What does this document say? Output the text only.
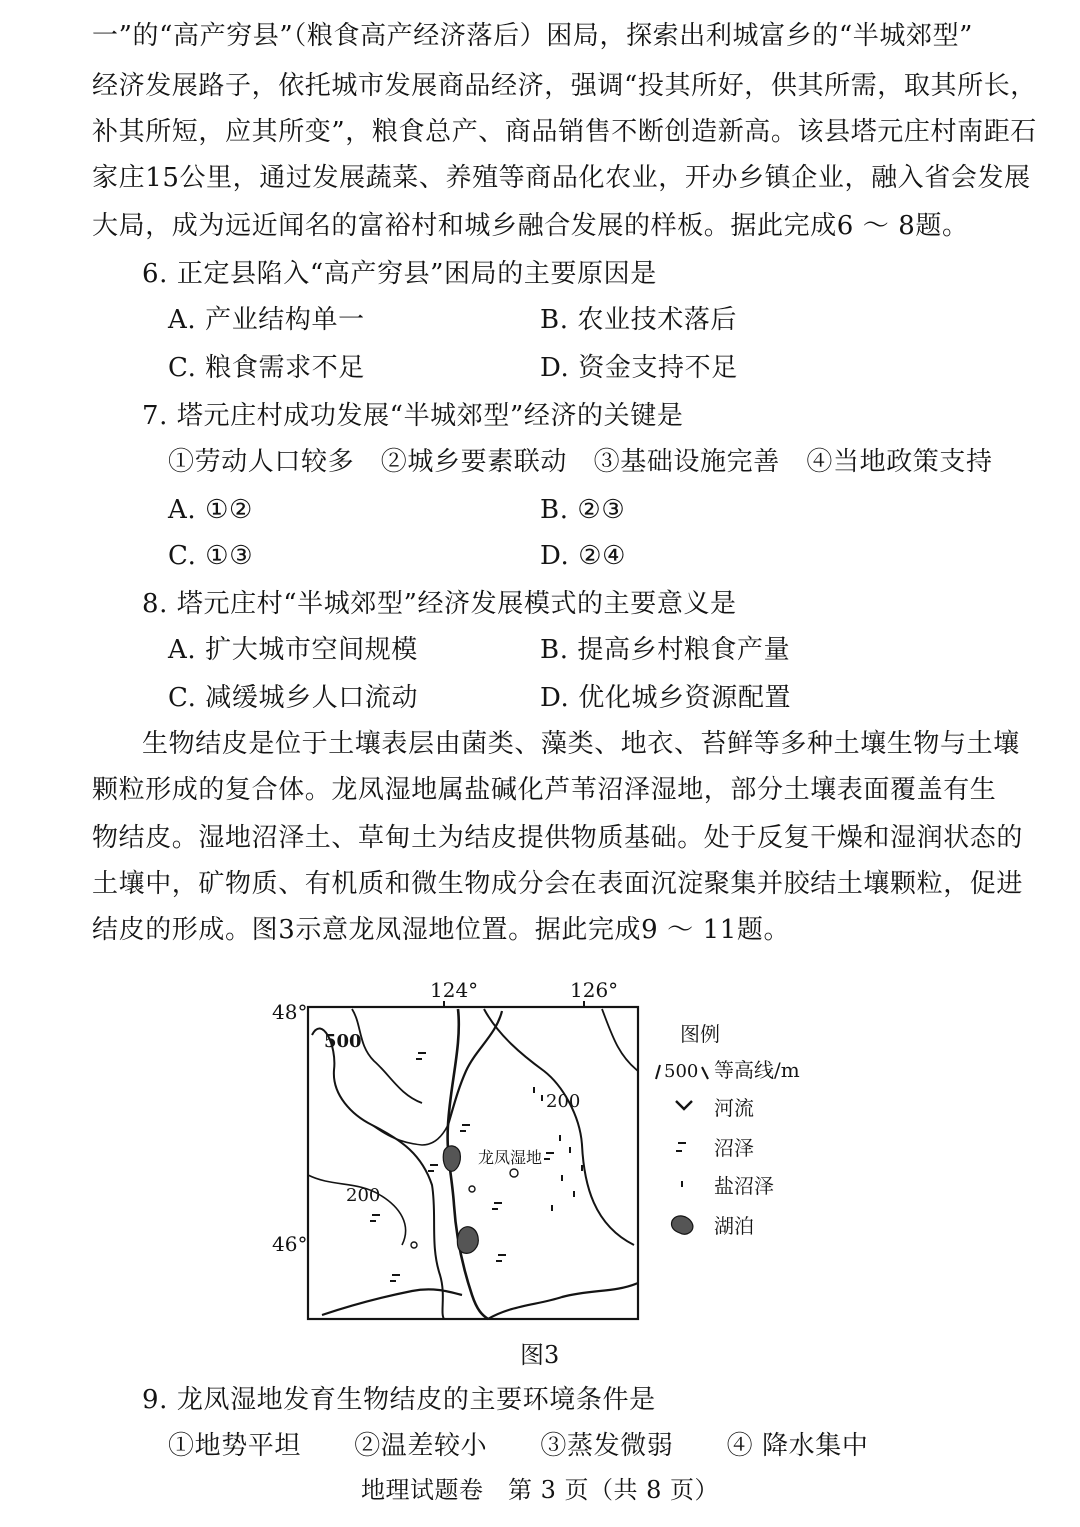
一”的“高产穷县”（粮食高产经济落后）困局，探索出利城富乡的“半城郊型”
经济发展路子，依托城市发展商品经济，强调“投其所好，供其所需，取其所长，
补其所短，应其所变”，粮食总产、商品销售不断创造新高。该县塔元庄村南距石
家庄15公里，通过发展蔬菜、养殖等商品化农业，开办乡镇企业，融入省会发展
大局，成为远近闻名的富裕村和城乡融合发展的样板。据此完成6 ～ 8题。
6. 正定县陷入“高产穷县”困局的主要原因是
A. 产业结构单一	B. 农业技术落后
C. 粮食需求不足	D. 资金支持不足
7. 塔元庄村成功发展“半城郊型”经济的关键是
①劳动人口较多　②城乡要素联动　③基础设施完善　④当地政策支持
A. ①②	B. ②③
C. ①③	D. ②④
8. 塔元庄村“半城郊型”经济发展模式的主要意义是
A. 扩大城市空间规模	B. 提高乡村粮食产量
C. 减缓城乡人口流动	D. 优化城乡资源配置
生物结皮是位于土壤表层由菌类、藻类、地衣、苔鲜等多种土壤生物与土壤
颗粒形成的复合体。龙凤湿地属盐碱化芦苇沼泽湿地，部分土壤表面覆盖有生
物结皮。湿地沼泽土、草甸土为结皮提供物质基础。处于反复干燥和湿润状态的
土壤中，矿物质、有机质和微生物成分会在表面沉淀聚集并胶结土壤颗粒，促进
结皮的形成。图3示意龙凤湿地位置。据此完成9 ～ 11题。
124°	126°
48°
46°
500
200
200
龙凤湿地
图例
500 等高线/m
河流
沼泽
盐沼泽
湖泊
图3
9. 龙凤湿地发育生物结皮的主要环境条件是
①地势平坦　　②温差较小　　③蒸发微弱　　④ 降水集中
地理试题卷　第 3 页（共 8 页）
